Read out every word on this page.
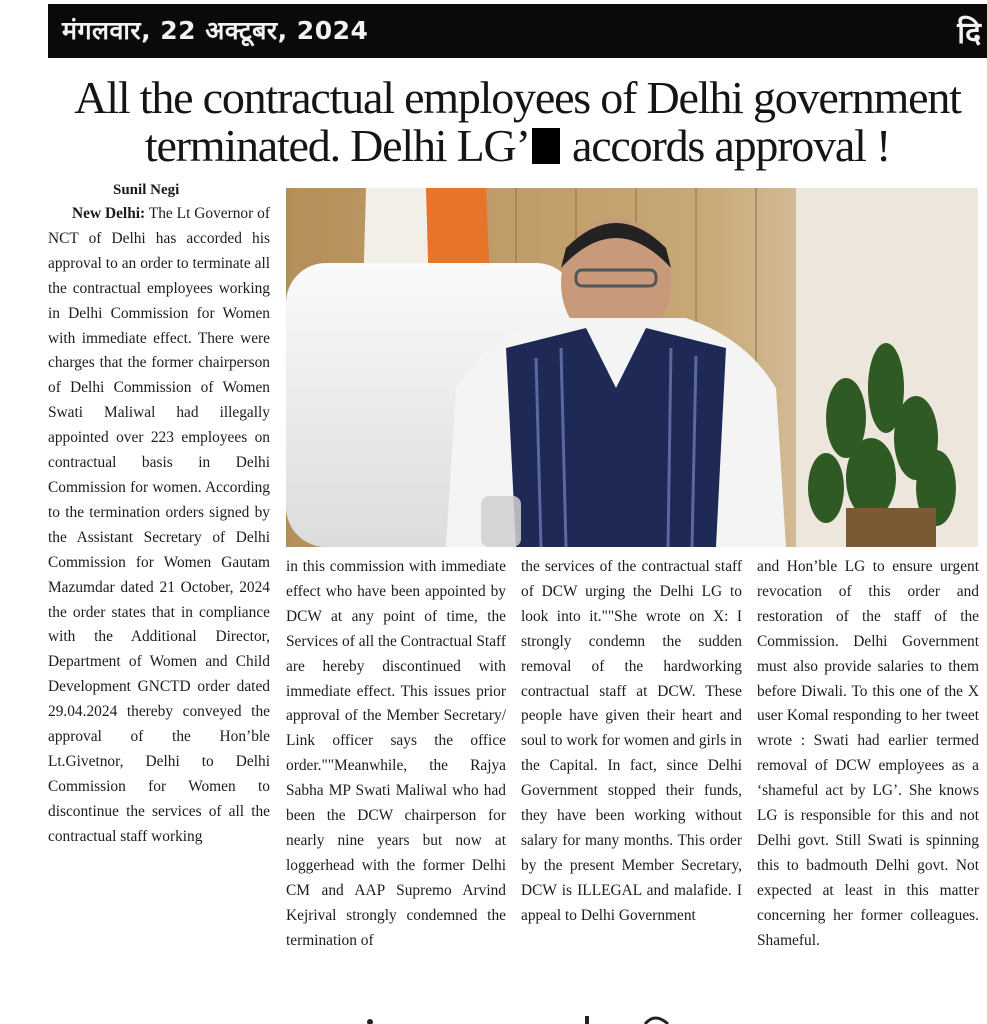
मंगलवार, 22 अक्टूबर, 2024	दि
All the contractual employees of Delhi government terminated. Delhi LG’ accords approval !
Sunil Negi
New Delhi: The Lt Governor of NCT of Delhi has accorded his approval to an order to terminate all the contractual employees working in Delhi Commission for Women with immediate effect. There were charges that the former chairperson of Delhi Commission of Women Swati Maliwal had illegally appointed over 223 employees on contractual basis in Delhi Commission for women. According to the termination orders signed by the Assistant Secretary of Delhi Commission for Women Gautam Mazumdar dated 21 October, 2024 the order states that in compliance with the Additional Director, Department of Women and Child Development GNCTD order dated 29.04.2024 thereby conveyed the approval of the Hon’ble Lt.Givetnor, Delhi to Delhi Commission for Women to discontinue the services of all the contractual staff working
in this commission with immediate effect who have been appointed by DCW at any point of time, the Services of all the Contractual Staff are hereby discontinued with immediate effect. This issues prior approval of the Member Secretary/ Link officer says the office order.""Meanwhile, the Rajya Sabha MP Swati Maliwal who had been the DCW chairperson for nearly nine years but now at loggerhead with the former Delhi CM and AAP Supremo Arvind Kejrival strongly condemned the termination of
the services of the contractual staff of DCW urging the Delhi LG to look into it.""She wrote on X: I strongly condemn the sudden removal of the hardworking contractual staff at DCW. These people have given their heart and soul to work for women and girls in the Capital. In fact, since Delhi Government stopped their funds, they have been working without salary for many months. This order by the present Member Secretary, DCW is ILLEGAL and malafide. I appeal to Delhi Government
and Hon’ble LG to ensure urgent revocation of this order and restoration of the staff of the Commission. Delhi Government must also provide salaries to them before Diwali. To this one of the X user Komal responding to her tweet wrote : Swati had earlier termed removal of DCW employees as a ‘shameful act by LG’. She knows LG is responsible for this and not Delhi govt. Still Swati is spinning this to badmouth Delhi govt. Not expected at least in this matter concerning her former colleagues. Shameful.
